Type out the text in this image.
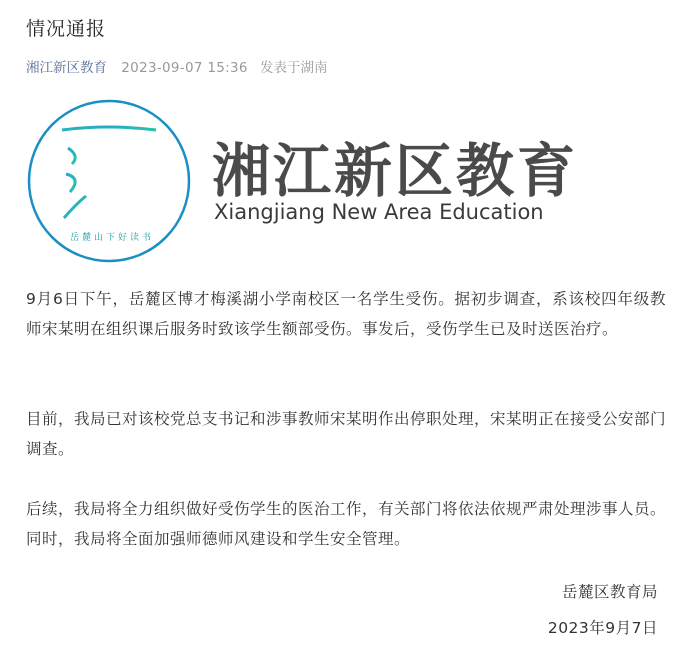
情况通报
湘江新区教育 2023-09-07 15:36 发表于湖南
岳麓山下好读书
湘江新区教育
Xiangjiang New Area Education

9月6日下午，岳麓区博才梅溪湖小学南校区一名学生受伤。据初步调查，系该校四年级教师宋某明在组织课后服务时致该学生额部受伤。事发后，受伤学生已及时送医治疗。

目前，我局已对该校党总支书记和涉事教师宋某明作出停职处理，宋某明正在接受公安部门调查。

后续，我局将全力组织做好受伤学生的医治工作，有关部门将依法依规严肃处理涉事人员。同时，我局将全面加强师德师风建设和学生安全管理。

岳麓区教育局
2023年9月7日
